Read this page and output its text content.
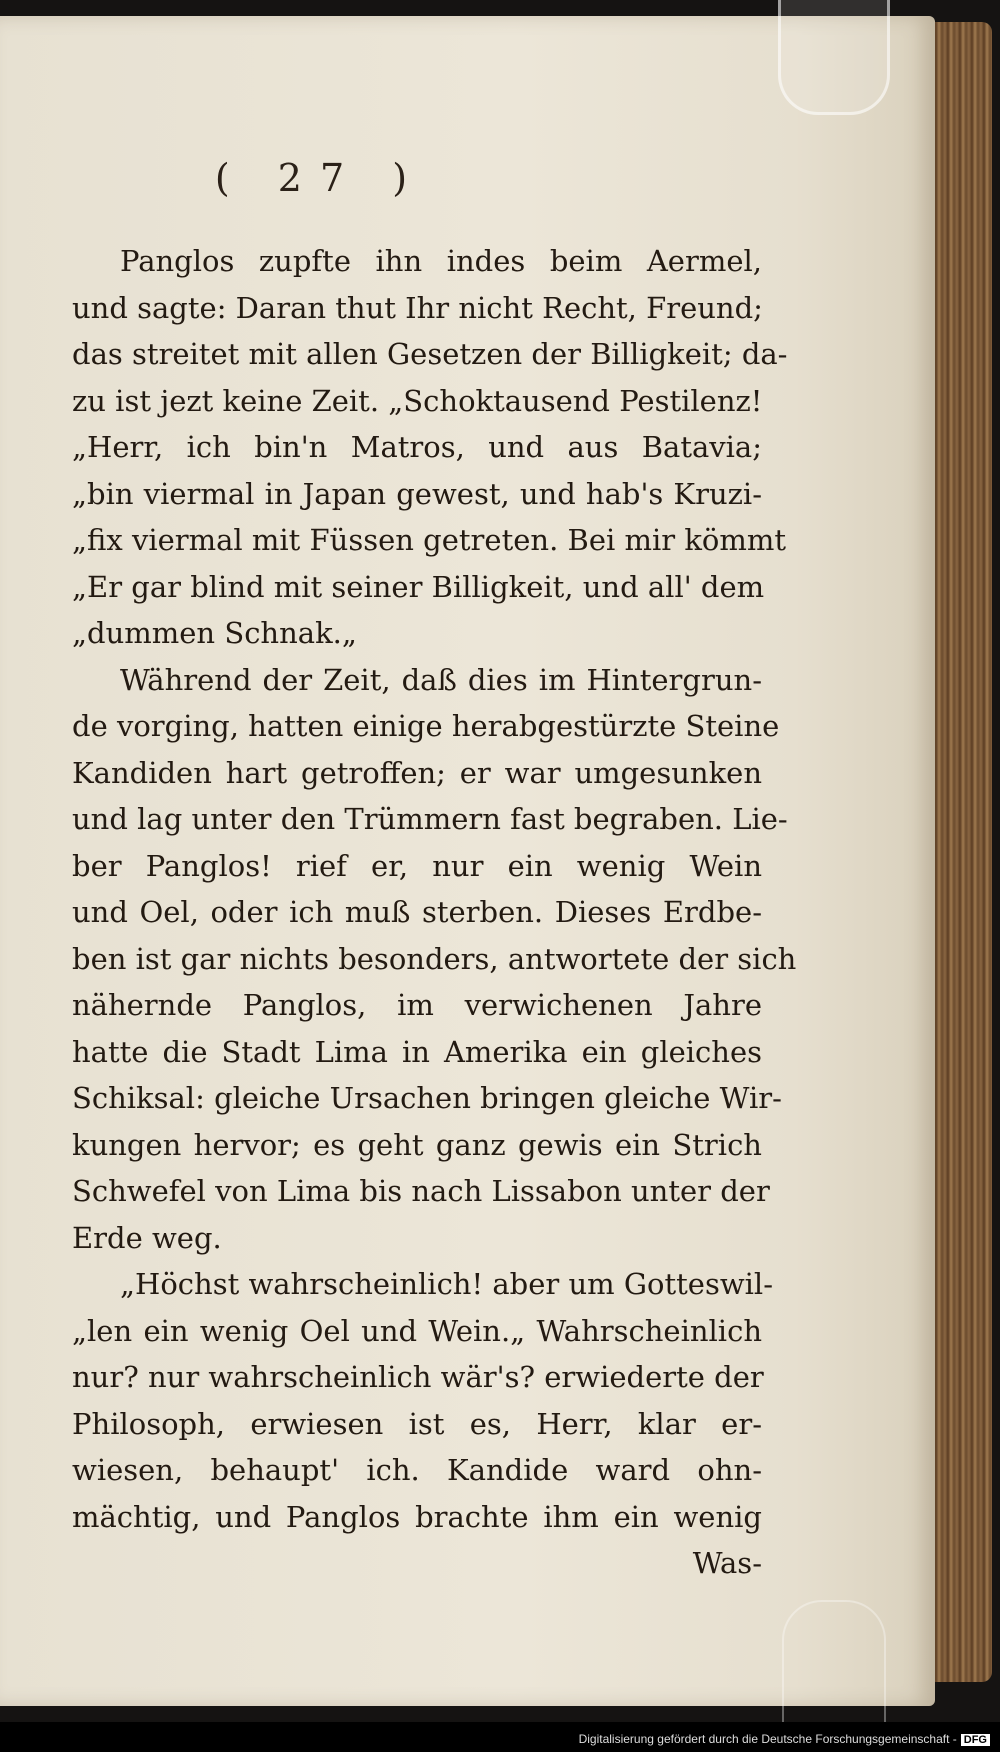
( 27 )
Panglos zupfte ihn indes beim Aermel,
und sagte: Daran thut Ihr nicht Recht, Freund;
das streitet mit allen Gesetzen der Billigkeit; da-
zu ist jezt keine Zeit. „Schoktausend Pestilenz!
„Herr, ich bin'n Matros, und aus Batavia;
„bin viermal in Japan gewest, und hab's Kruzi-
„fix viermal mit Füssen getreten. Bei mir kömmt
„Er gar blind mit seiner Billigkeit, und all' dem
„dummen Schnak.„
Während der Zeit, daß dies im Hintergrun-
de vorging, hatten einige herabgestürzte Steine
Kandiden hart getroffen; er war umgesunken
und lag unter den Trümmern fast begraben. Lie-
ber Panglos! rief er, nur ein wenig Wein
und Oel, oder ich muß sterben. Dieses Erdbe-
ben ist gar nichts besonders, antwortete der sich
nähernde Panglos, im verwichenen Jahre
hatte die Stadt Lima in Amerika ein gleiches
Schiksal: gleiche Ursachen bringen gleiche Wir-
kungen hervor; es geht ganz gewis ein Strich
Schwefel von Lima bis nach Lissabon unter der
Erde weg.
„Höchst wahrscheinlich! aber um Gotteswil-
„len ein wenig Oel und Wein.„ Wahrscheinlich
nur? nur wahrscheinlich wär's? erwiederte der
Philosoph, erwiesen ist es, Herr, klar er-
wiesen, behaupt' ich. Kandide ward ohn-
mächtig, und Panglos brachte ihm ein wenig
Was-
Digitalisierung gefördert durch die Deutsche Forschungsgemeinschaft - DFG
